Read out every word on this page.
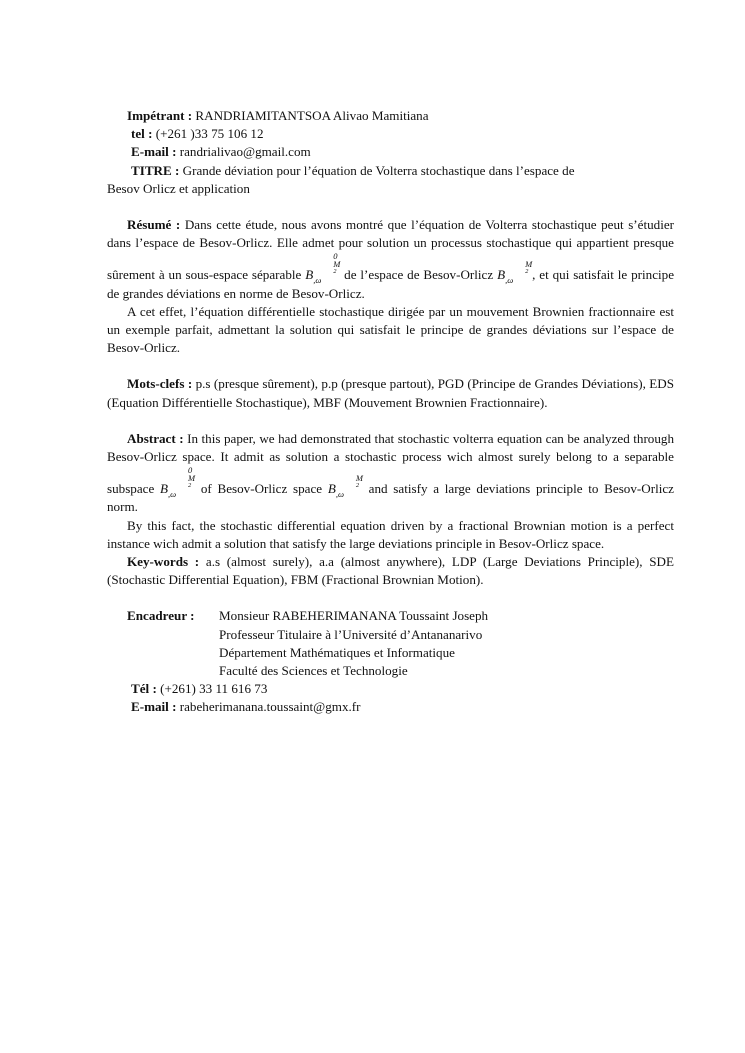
Impétrant : RANDRIAMITANTSOA Alivao Mamitiana
tel : (+261 )33 75 106 12
E-mail : randrialivao@gmail.com
TITRE : Grande déviation pour l’équation de Volterra stochastique dans l’espace de
Besov Orlicz et application

Résumé : Dans cette étude, nous avons montré que l’équation de Volterra stochastique peut s’étudier dans l’espace de Besov-Orlicz. Elle admet pour solution un processus stochastique qui appartient presque sûrement à un sous-espace séparable B
0
M
2
,ω	de l’espace de Besov-Orlicz B

M
2
,ω	, et qui satisfait le principe de grandes déviations en norme de Besov-Orlicz.

A cet effet, l’équation différentielle stochastique dirigée par un mouvement Brownien fractionnaire est un exemple parfait, admettant la solution qui satisfait le principe de grandes déviations sur l’espace de Besov-Orlicz.

Mots-clefs : p.s (presque sûrement), p.p (presque partout), PGD (Principe de Grandes Déviations), EDS (Equation Différentielle Stochastique), MBF (Mouvement Brownien Fractionnaire).

Abstract : In this paper, we had demonstrated that stochastic volterra equation can be analyzed through Besov-Orlicz space. It admit as solution a stochastic process wich almost surely belong to a separable subspace B
0
M
2
,ω	of Besov-Orlicz space B

M
2
,ω	and satisfy a large deviations principle to Besov-Orlicz norm.

By this fact, the stochastic differential equation driven by a fractional Brownian motion is a perfect instance wich admit a solution that satisfy the large deviations principle in Besov-Orlicz space.

Key-words : a.s (almost surely), a.a (almost anywhere), LDP (Large Deviations Principle), SDE (Stochastic Differential Equation), FBM (Fractional Brownian Motion).

Encadreur :	Monsieur RABEHERIMANANA Toussaint Joseph
Professeur Titulaire à l’Université d’Antananarivo
Département Mathématiques et Informatique
Faculté des Sciences et Technologie
Tél : (+261) 33 11 616 73
E-mail : rabeherimanana.toussaint@gmx.fr
